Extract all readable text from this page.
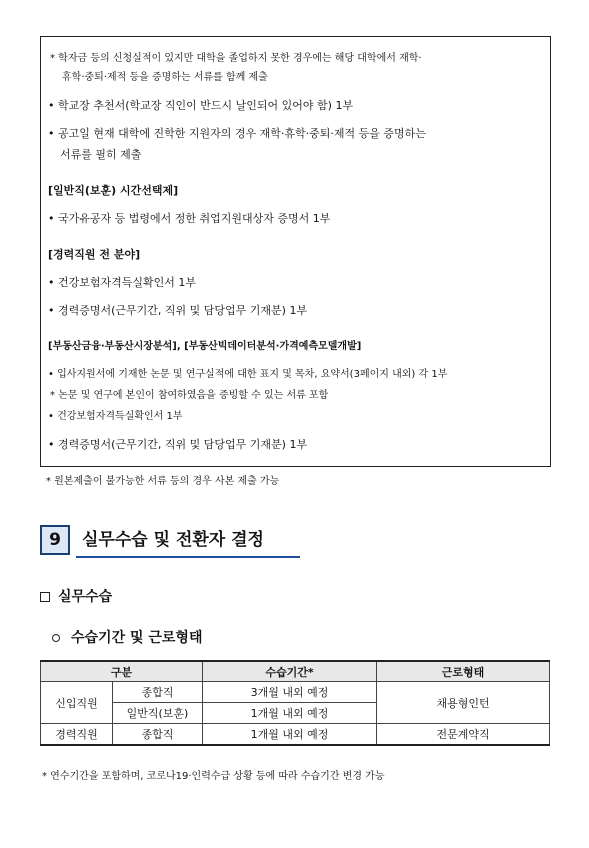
* 학자금 등의 신청실적이 있지만 대학을 졸업하지 못한 경우에는 해당 대학에서 재학·
휴학·중퇴·제적 등을 증명하는 서류를 함께 제출
• 학교장 추천서(학교장 직인이 반드시 날인되어 있어야 함) 1부
• 공고일 현재 대학에 진학한 지원자의 경우 재학·휴학·중퇴·제적 등을 증명하는
서류를 필히 제출
[일반직(보훈) 시간선택제]
• 국가유공자 등 법령에서 정한 취업지원대상자 증명서 1부
[경력직원 전 분야]
• 건강보험자격득실확인서 1부
• 경력증명서(근무기간, 직위 및 담당업무 기재분) 1부
[부동산금융·부동산시장분석], [부동산빅데이터분석·가격예측모델개발]
• 입사지원서에 기재한 논문 및 연구실적에 대한 표지 및 목차, 요약서(3페이지 내외) 각 1부
* 논문 및 연구에 본인이 참여하였음을 증빙할 수 있는 서류 포함
• 건강보험자격득실확인서 1부
• 경력증명서(근무기간, 직위 및 담당업무 기재분) 1부
* 원본제출이 불가능한 서류 등의 경우 사본 제출 가능
9	실무수습 및 전환자 결정
실무수습
수습기간 및 근로형태
구분		수습기간*	근로형태
신입직원	종합직	3개월 내외 예정	채용형인턴
	일반직(보훈)	1개월 내외 예정	
경력직원	종합직	1개월 내외 예정	전문계약직
* 연수기간을 포함하며, 코로나19·인력수급 상황 등에 따라 수습기간 변경 가능
